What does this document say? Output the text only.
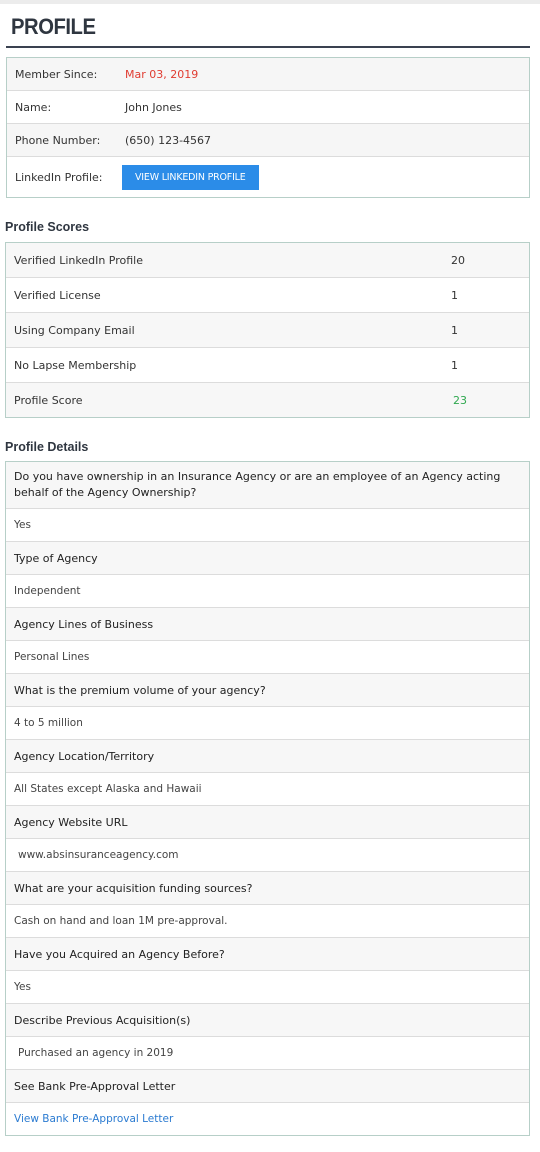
PROFILE
Member Since:	Mar 03, 2019
Name:	John Jones
Phone Number:	(650) 123-4567
LinkedIn Profile:	VIEW LINKEDIN PROFILE
Profile Scores
Verified LinkedIn Profile	20
Verified License	1
Using Company Email	1
No Lapse Membership	1
Profile Score	23
Profile Details
Do you have ownership in an Insurance Agency or are an employee of an Agency acting behalf of the Agency Ownership?
Yes
Type of Agency
Independent
Agency Lines of Business
Personal Lines
What is the premium volume of your agency?
4 to 5 million
Agency Location/Territory
All States except Alaska and Hawaii
Agency Website URL
www.absinsuranceagency.com
What are your acquisition funding sources?
Cash on hand and loan 1M pre-approval.
Have you Acquired an Agency Before?
Yes
Describe Previous Acquisition(s)
Purchased an agency in 2019
See Bank Pre-Approval Letter
View Bank Pre-Approval Letter
